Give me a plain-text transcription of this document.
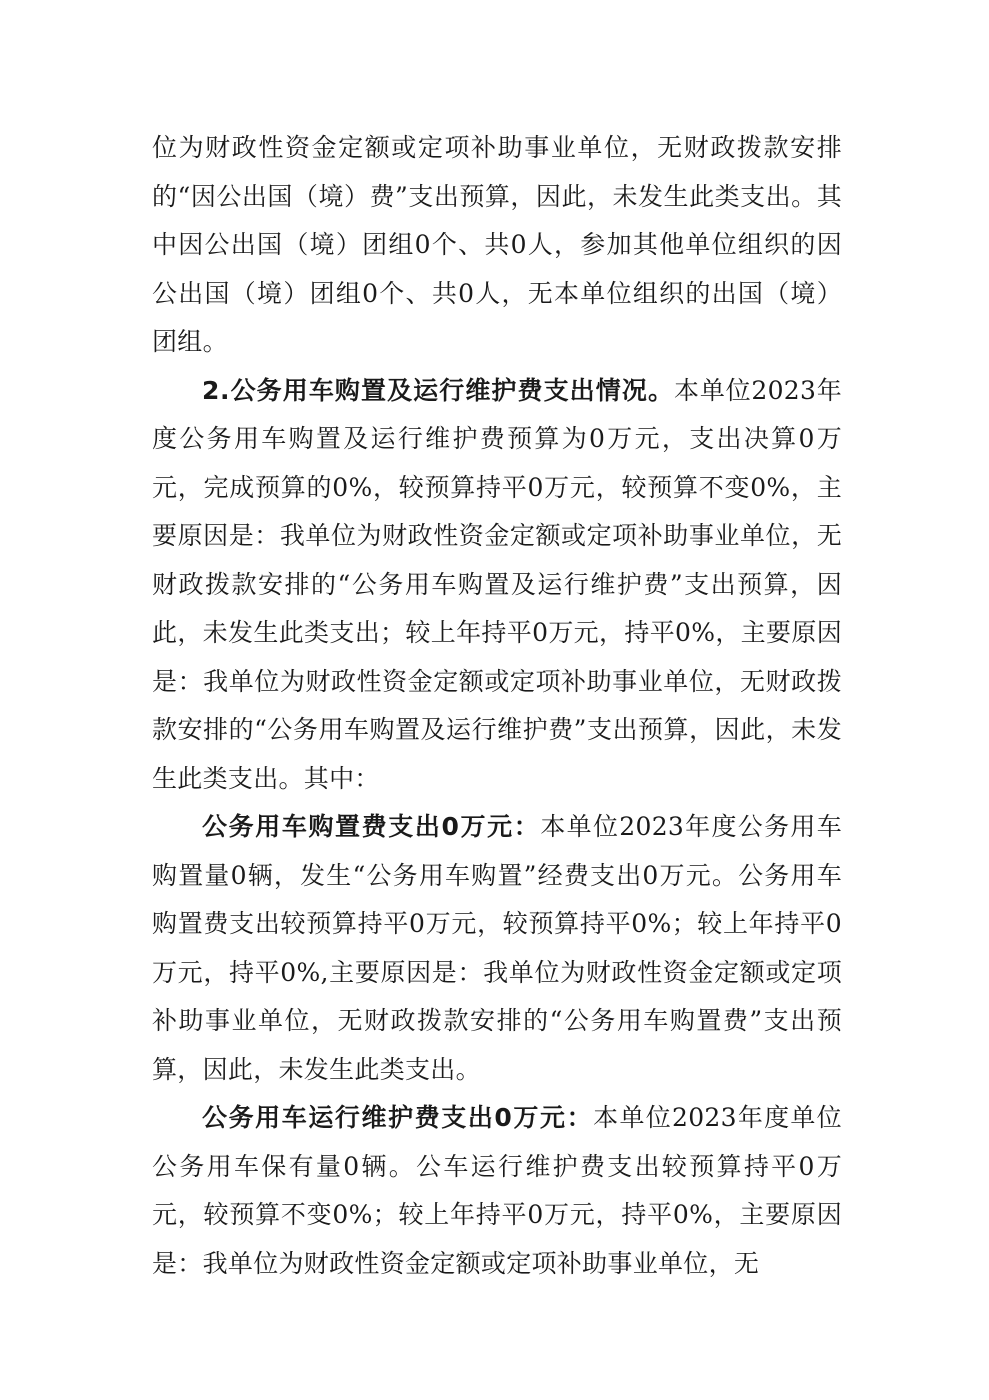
位为财政性资金定额或定项补助事业单位，无财政拨款安排的“因公出国（境）费”支出预算，因此，未发生此类支出。其中因公出国（境）团组0个、共0人，参加其他单位组织的因公出国（境）团组0个、共0人，无本单位组织的出国（境）团组。

2.公务用车购置及运行维护费支出情况。本单位2023年度公务用车购置及运行维护费预算为0万元，支出决算0万元，完成预算的0%，较预算持平0万元，较预算不变0%，主要原因是：我单位为财政性资金定额或定项补助事业单位，无财政拨款安排的“公务用车购置及运行维护费”支出预算，因此，未发生此类支出；较上年持平0万元，持平0%，主要原因是：我单位为财政性资金定额或定项补助事业单位，无财政拨款安排的“公务用车购置及运行维护费”支出预算，因此，未发生此类支出。其中：

公务用车购置费支出0万元：本单位2023年度公务用车购置量0辆，发生“公务用车购置”经费支出0万元。公务用车购置费支出较预算持平0万元，较预算持平0%；较上年持平0万元，持平0%,主要原因是：我单位为财政性资金定额或定项补助事业单位，无财政拨款安排的“公务用车购置费”支出预算，因此，未发生此类支出。

公务用车运行维护费支出0万元：本单位2023年度单位公务用车保有量0辆。公车运行维护费支出较预算持平0万元，较预算不变0%；较上年持平0万元，持平0%，主要原因是：我单位为财政性资金定额或定项补助事业单位，无
